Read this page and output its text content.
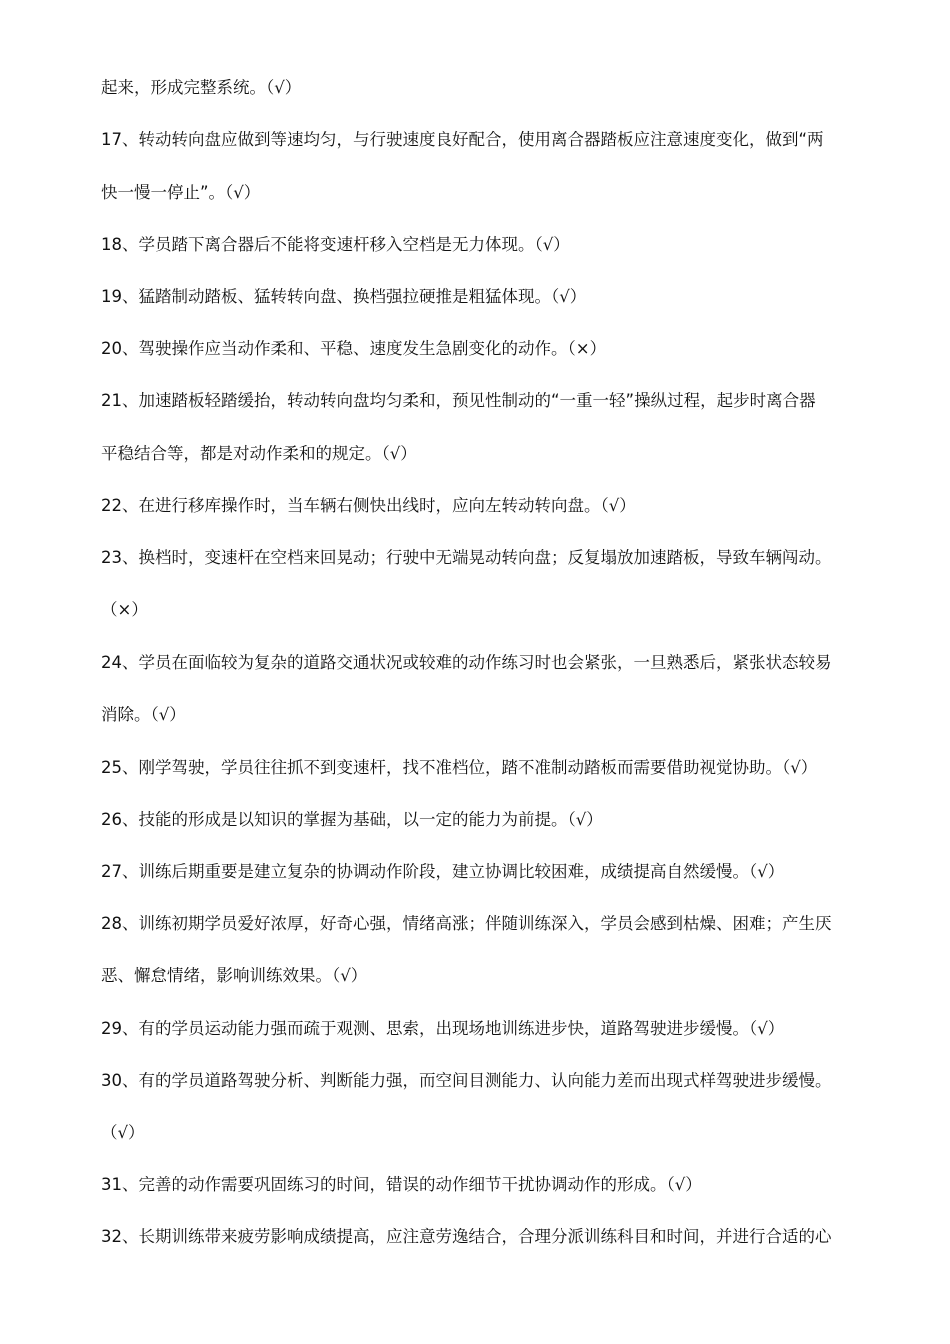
起来，形成完整系统。（√）
17、转动转向盘应做到等速均匀，与行驶速度良好配合，使用离合器踏板应注意速度变化，做到“两
快一慢一停止”。（√）
18、学员踏下离合器后不能将变速杆移入空档是无力体现。（√）
19、猛踏制动踏板、猛转转向盘、换档强拉硬推是粗猛体现。（√）
20、驾驶操作应当动作柔和、平稳、速度发生急剧变化的动作。（×）
21、加速踏板轻踏缓抬，转动转向盘均匀柔和，预见性制动的“一重一轻”操纵过程，起步时离合器
平稳结合等，都是对动作柔和的规定。（√）
22、在进行移库操作时，当车辆右侧快出线时，应向左转动转向盘。（√）
23、换档时，变速杆在空档来回晃动；行驶中无端晃动转向盘；反复塌放加速踏板，导致车辆闯动。
（×）
24、学员在面临较为复杂的道路交通状况或较难的动作练习时也会紧张，一旦熟悉后，紧张状态较易
消除。（√）
25、刚学驾驶，学员往往抓不到变速杆，找不准档位，踏不准制动踏板而需要借助视觉协助。（√）
26、技能的形成是以知识的掌握为基础，以一定的能力为前提。（√）
27、训练后期重要是建立复杂的协调动作阶段，建立协调比较困难，成绩提高自然缓慢。（√）
28、训练初期学员爱好浓厚，好奇心强，情绪高涨；伴随训练深入，学员会感到枯燥、困难；产生厌
恶、懈怠情绪，影响训练效果。（√）
29、有的学员运动能力强而疏于观测、思索，出现场地训练进步快，道路驾驶进步缓慢。（√）
30、有的学员道路驾驶分析、判断能力强，而空间目测能力、认向能力差而出现式样驾驶进步缓慢。
（√）
31、完善的动作需要巩固练习的时间，错误的动作细节干扰协调动作的形成。（√）
32、长期训练带来疲劳影响成绩提高，应注意劳逸结合，合理分派训练科目和时间，并进行合适的心
